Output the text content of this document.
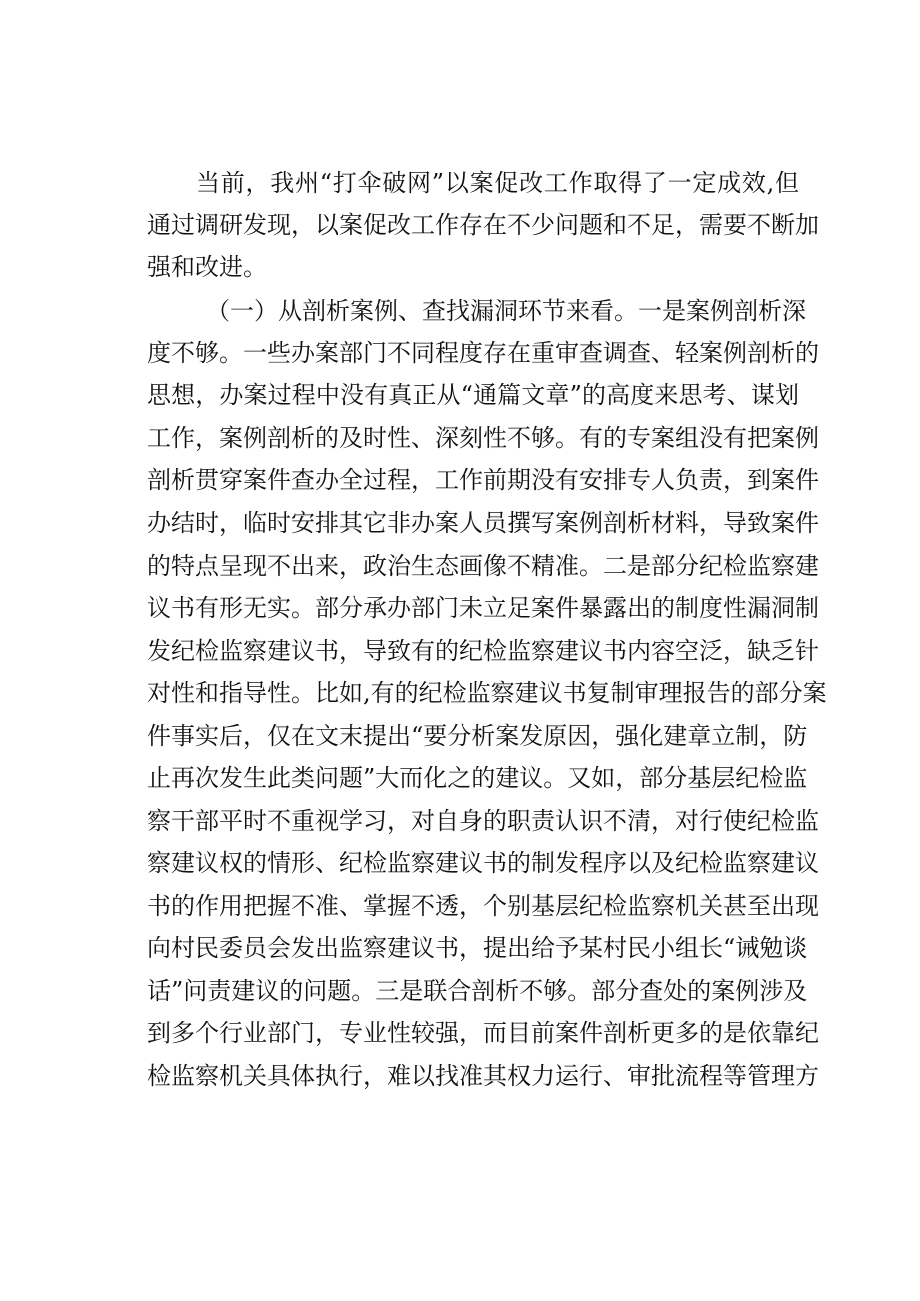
当前，我州“打伞破网”以案促改工作取得了一定成效,但

通过调研发现，以案促改工作存在不少问题和不足，需要不断加

强和改进。

（一）从剖析案例、查找漏洞环节来看。一是案例剖析深

度不够。一些办案部门不同程度存在重审查调查、轻案例剖析的

思想，办案过程中没有真正从“通篇文章”的高度来思考、谋划

工作，案例剖析的及时性、深刻性不够。有的专案组没有把案例

剖析贯穿案件查办全过程，工作前期没有安排专人负责，到案件

办结时，临时安排其它非办案人员撰写案例剖析材料，导致案件

的特点呈现不出来，政治生态画像不精准。二是部分纪检监察建

议书有形无实。部分承办部门未立足案件暴露出的制度性漏洞制

发纪检监察建议书，导致有的纪检监察建议书内容空泛，缺乏针

对性和指导性。比如,有的纪检监察建议书复制审理报告的部分案

件事实后，仅在文末提出“要分析案发原因，强化建章立制，防

止再次发生此类问题”大而化之的建议。又如，部分基层纪检监

察干部平时不重视学习，对自身的职责认识不清，对行使纪检监

察建议权的情形、纪检监察建议书的制发程序以及纪检监察建议

书的作用把握不准、掌握不透，个别基层纪检监察机关甚至出现

向村民委员会发出监察建议书，提出给予某村民小组长“诫勉谈

话”问责建议的问题。三是联合剖析不够。部分查处的案例涉及

到多个行业部门，专业性较强，而目前案件剖析更多的是依靠纪

检监察机关具体执行，难以找准其权力运行、审批流程等管理方
